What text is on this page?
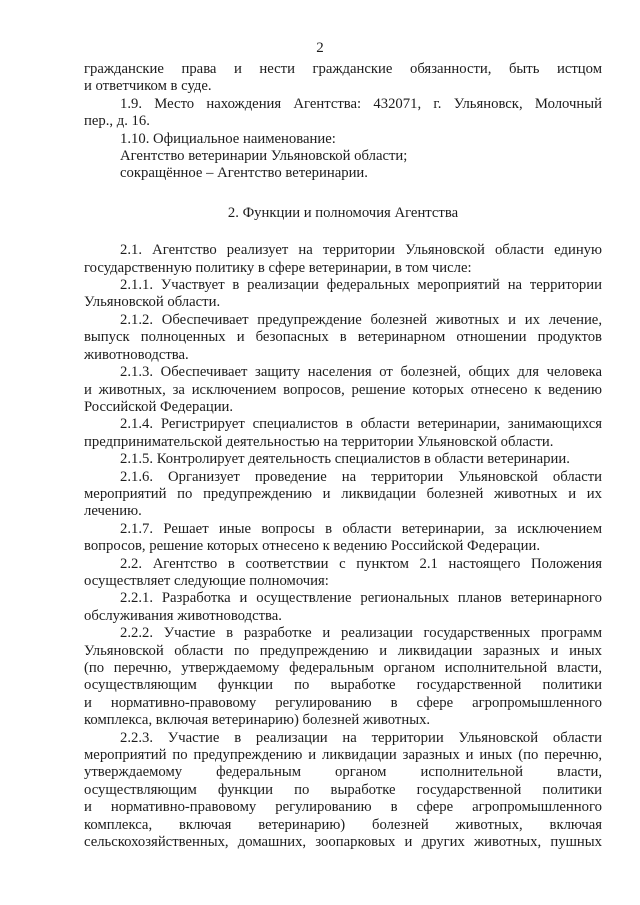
2

гражданские права и нести гражданские обязанности, быть истцом

и ответчиком в суде.

1.9. Место нахождения Агентства: 432071, г. Ульяновск, Молочный

пер., д. 16.

1.10. Официальное наименование:

Агентство ветеринарии Ульяновской области;

сокращённое – Агентство ветеринарии.

2. Функции и полномочия Агентства

2.1. Агентство реализует на территории Ульяновской области единую

государственную политику в сфере ветеринарии, в том числе:

2.1.1. Участвует в реализации федеральных мероприятий на территории

Ульяновской области.

2.1.2. Обеспечивает предупреждение болезней животных и их лечение,

выпуск полноценных и безопасных в ветеринарном отношении продуктов

животноводства.

2.1.3. Обеспечивает защиту населения от болезней, общих для человека

и животных, за исключением вопросов, решение которых отнесено к ведению

Российской Федерации.

2.1.4. Регистрирует специалистов в области ветеринарии, занимающихся

предпринимательской деятельностью на территории Ульяновской области.

2.1.5. Контролирует деятельность специалистов в области ветеринарии.

2.1.6. Организует проведение на территории Ульяновской области

мероприятий по предупреждению и ликвидации болезней животных и их

лечению.

2.1.7. Решает иные вопросы в области ветеринарии, за исключением

вопросов, решение которых отнесено к ведению Российской Федерации.

2.2. Агентство в соответствии с пунктом 2.1 настоящего Положения

осуществляет следующие полномочия:

2.2.1. Разработка и осуществление региональных планов ветеринарного

обслуживания животноводства.

2.2.2. Участие в разработке и реализации государственных программ

Ульяновской области по предупреждению и ликвидации заразных и иных

(по перечню, утверждаемому федеральным органом исполнительной власти,

осуществляющим функции по выработке государственной политики

и нормативно-правовому регулированию в сфере агропромышленного

комплекса, включая ветеринарию) болезней животных.

2.2.3. Участие в реализации на территории Ульяновской области

мероприятий по предупреждению и ликвидации заразных и иных (по перечню,

утверждаемому федеральным органом исполнительной власти,

осуществляющим функции по выработке государственной политики

и нормативно-правовому регулированию в сфере агропромышленного

комплекса, включая ветеринарию) болезней животных, включая

сельскохозяйственных, домашних, зоопарковых и других животных, пушных
